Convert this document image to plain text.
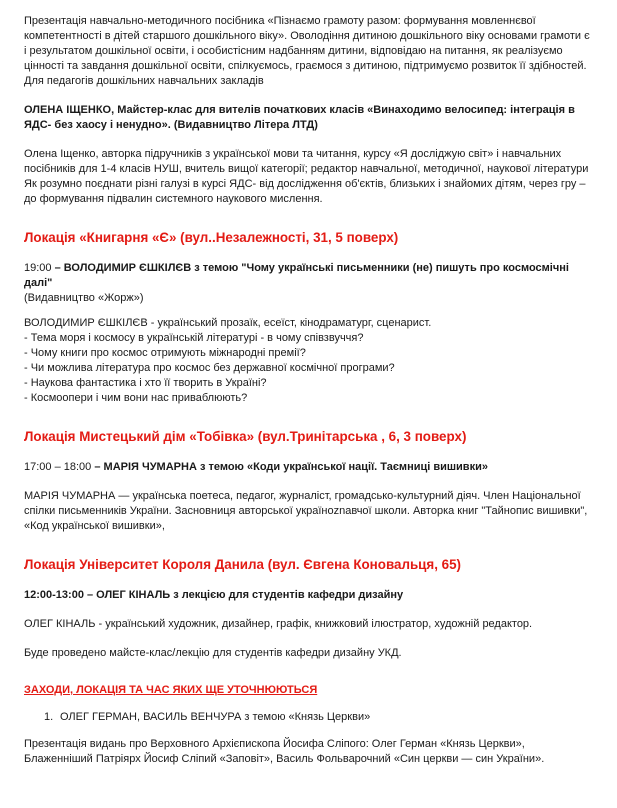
Презентація навчально-методичного посібника «Пізнаємо грамоту разом: формування мовленнєвої компетентності в дітей старшого дошкільного віку». Оволодіння дитиною дошкільного віку основами грамоти є і результатом дошкільної освіти, і особистісним надбанням дитини, відповідаю на питання, як реалізуємо цінності та завдання дошкільної освіти, спілкуємось, граємося з дитиною, підтримуємо розвиток її здібностей. Для педагогів дошкільних навчальних закладів

ОЛЕНА ІЩЕНКО, Майстер-клас для вителів початкових класів «Винаходимо велосипед: інтеграція в ЯДС- без хаосу і ненудно». (Видавництво Літера ЛТД)

Олена Іщенко, авторка підручників з української мови та читання, курсу «Я досліджую світ» і навчальних посібників для 1-4 класів НУШ, вчитель вищої категорії; редактор навчальної, методичної, наукової літератури Як розумно поєднати різні галузі в курсі ЯДС- від дослідження об'єктів, близьких і знайомих дітям, через гру – до формування підвалин системного наукового мислення.

Локація «Книгарня «Є» (вул..Незалежності, 31, 5 поверх)

19:00 – ВОЛОДИМИР ЄШКІЛЄВ з темою "Чому українські письменники (не) пишуть про космосмічні далі"

(Видавництво «Жорж»)

ВОЛОДИМИР ЄШКІЛЄВ - український прозаїк, есеїст, кінодраматург, сценарист.

- Тема моря і космосу в українській літературі - в чому співзвуччя?

- Чому книги про космос отримують міжнародні премії?

- Чи можлива література про космос без державної космічної програми?

- Наукова фантастика і хто її творить в Україні?

- Космоопери і чим вони нас приваблюють?

Локація Мистецький дім «Тобівка» (вул.Тринітарська , 6, 3 поверх)

17:00 – 18:00 – МАРІЯ ЧУМАРНА з темою «Коди української нації. Таємниці вишивки»

МАРІЯ ЧУМАРНА — українська поетеса, педагог, журналіст, громадсько-культурний діяч. Член Національної спілки письменників України. Засновниця авторської україноznавчої школи. Авторка книг "Тайнопис вишивки", «Код української вишивки»,

Локація Університет Короля Данила (вул. Євгена Коновальця, 65)

12:00-13:00 – ОЛЕГ КІНАЛЬ з лекцією для студентів кафедри дизайну

ОЛЕГ КІНАЛЬ - український художник, дизайнер, графік, книжковий ілюстратор, художній редактор.

Буде проведено майсте-клас/лекцію для студентів кафедри дизайну УКД.

ЗАХОДИ, ЛОКАЦІЯ ТА ЧАС ЯКИХ ЩЕ УТОЧНЮЮТЬСЯ

1. ОЛЕГ ГЕРМАН, ВАСИЛЬ ВЕНЧУРА з темою «Князь Церкви»

Презентація видань про Верховного Архієпископа Йосифа Сліпого: Олег Герман «Князь Церкви», Блаженніший Патріярх Йосиф Сліпий «Заповіт», Василь Фольварочний «Син церкви — син України».
